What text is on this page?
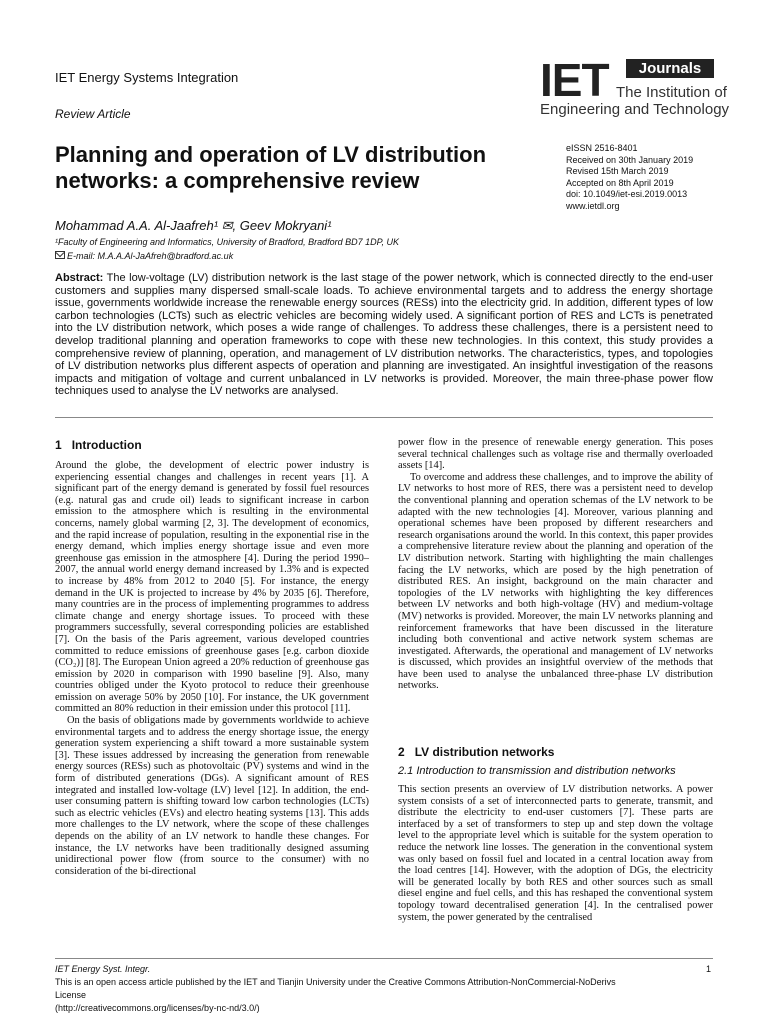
IET Energy Systems Integration
Review Article
IET	Journals
The Institution of
Engineering and Technology
Planning and operation of LV distribution networks: a comprehensive review
eISSN 2516-8401
Received on 30th January 2019
Revised 15th March 2019
Accepted on 8th April 2019
doi: 10.1049/iet-esi.2019.0013
www.ietdl.org
Mohammad A.A. Al-Jaafreh¹ ✉, Geev Mokryani¹
¹Faculty of Engineering and Informatics, University of Bradford, Bradford BD7 1DP, UK
E-mail: M.A.A.Al-JaAfreh@bradford.ac.uk
Abstract: The low-voltage (LV) distribution network is the last stage of the power network, which is connected directly to the end-user customers and supplies many dispersed small-scale loads. To achieve environmental targets and to address the energy shortage issue, governments worldwide increase the renewable energy sources (RESs) into the electricity grid. In addition, different types of low carbon technologies (LCTs) such as electric vehicles are becoming widely used. A significant portion of RES and LCTs is penetrated into the LV distribution network, which poses a wide range of challenges. To address these challenges, there is a persistent need to develop traditional planning and operation frameworks to cope with these new technologies. In this context, this study provides a comprehensive review of planning, operation, and management of LV distribution networks. The characteristics, types, and topologies of LV distribution networks plus different aspects of operation and planning are investigated. An insightful investigation of the reasons impacts and mitigation of voltage and current unbalanced in LV networks is provided. Moreover, the main three-phase power flow techniques used to analyse the LV networks are analysed.
1 Introduction

Around the globe, the development of electric power industry is experiencing essential changes and challenges in recent years [1]. A significant part of the energy demand is generated by fossil fuel resources (e.g. natural gas and crude oil) leads to significant increase in carbon emission to the atmosphere which is resulting in the environmental concerns, namely global warming [2, 3]. The development of economics, and the rapid increase of population, resulting in the exponential rise in the energy demand, which implies energy shortage issue and even more greenhouse gas emission in the atmosphere [4]. During the period 1990–2007, the annual world energy demand increased by 1.3% and is expected to increase by 48% from 2012 to 2040 [5]. For instance, the energy demand in the UK is projected to increase by 4% by 2035 [6]. Therefore, many countries are in the process of implementing programmes to address climate change and energy shortage issues. To proceed with these programmers successfully, several corresponding policies are established [7]. On the basis of the Paris agreement, various developed countries committed to reduce emissions of greenhouse gases [e.g. carbon dioxide (CO₂)] [8]. The European Union agreed a 20% reduction of greenhouse gas emission by 2020 in comparison with 1990 baseline [9]. Also, many countries obliged under the Kyoto protocol to reduce their greenhouse emission on average 50% by 2050 [10]. For instance, the UK government committed an 80% reduction in their emission under this protocol [11].

On the basis of obligations made by governments worldwide to achieve environmental targets and to address the energy shortage issue, the energy generation system experiencing a shift toward a more sustainable system [3]. These issues addressed by increasing the generation from renewable energy sources (RESs) such as photovoltaic (PV) systems and wind in the form of distributed generations (DGs). A significant amount of RES integrated and installed low-voltage (LV) level [12]. In addition, the end-user consuming pattern is shifting toward low carbon technologies (LCTs) such as electric vehicles (EVs) and electro heating systems [13]. This adds more challenges to the LV network, where the scope of these challenges depends on the ability of an LV network to handle these changes. For instance, the LV networks have been traditionally designed assuming unidirectional power flow (from source to the consumer) with no consideration of the bi-directional

power flow in the presence of renewable energy generation. This poses several technical challenges such as voltage rise and thermally overloaded assets [14].

To overcome and address these challenges, and to improve the ability of LV networks to host more of RES, there was a persistent need to develop the conventional planning and operation schemas of the LV network to be adapted with the new technologies [4]. Moreover, various planning and operational schemes have been proposed by different researchers and research organisations around the world. In this context, this paper provides a comprehensive literature review about the planning and operation of the LV distribution network. Starting with highlighting the main challenges facing the LV networks, which are posed by the high penetration of distributed RES. An insight, background on the main character and topologies of the LV networks with highlighting the key differences between LV networks and both high-voltage (HV) and medium-voltage (MV) networks is provided. Moreover, the main LV networks planning and reinforcement frameworks that have been discussed in the literature including both conventional and active network system schemas are investigated. Afterwards, the operational and management of LV networks is discussed, which provides an insightful overview of the methods that have been used to analyse the unbalanced three-phase LV distribution networks.

2 LV distribution networks
2.1 Introduction to transmission and distribution networks

This section presents an overview of LV distribution networks. A power system consists of a set of interconnected parts to generate, transmit, and distribute the electricity to end-user customers [7]. These parts are interfaced by a set of transformers to step up and step down the voltage level to the appropriate level which is suitable for the system operation to reduce the network line losses. The generation in the conventional system was only based on fossil fuel and located in a central location away from the load centres [14]. However, with the adoption of DGs, the electricity will be generated locally by both RES and other sources such as small diesel engine and fuel cells, and this has reshaped the conventional system topology toward decentralised generation [4]. In the centralised power system, the power generated by the centralised

IET Energy Syst. Integr.	1
This is an open access article published by the IET and Tianjin University under the Creative Commons Attribution-NonCommercial-NoDerivs
License
(http://creativecommons.org/licenses/by-nc-nd/3.0/)
